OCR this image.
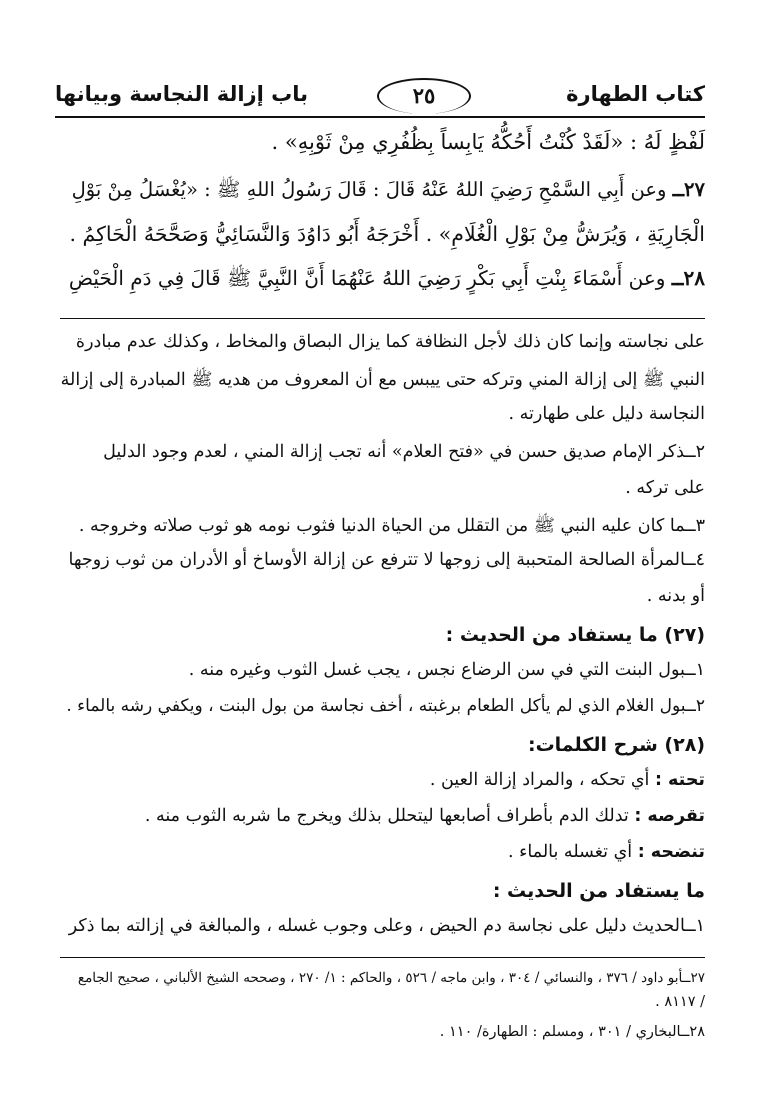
كتاب الطهارة
٢٥
باب إزالة النجاسة وبيانها
لَفْظٍ لَهُ : «لَقَدْ كُنْتُ أَحُكُّهُ يَابِساً بِظُفُرِي مِنْ ثَوْبِهِ» .
٢٧ــ وعن أَبِي السَّمْحِ رَضِيَ اللهُ عَنْهُ قَالَ : قَالَ رَسُولُ اللهِ ﷺ : «يُغْسَلُ مِنْ بَوْلِ
الْجَارِيَةِ ، وَيُرَشُّ مِنْ بَوْلِ الْغُلَامِ» . أَخْرَجَهُ أَبُو دَاوُدَ وَالنَّسَائِيُّ وَصَحَّحَهُ الْحَاكِمُ .
٢٨ــ وعن أَسْمَاءَ بِنْتِ أَبِي بَكْرٍ رَضِيَ اللهُ عَنْهُمَا أَنَّ النَّبِيَّ ﷺ قَالَ فِي دَمِ الْحَيْضِ
على نجاسته وإنما كان ذلك لأجل النظافة كما يزال البصاق والمخاط ، وكذلك عدم مبادرة
النبي ﷺ إلى إزالة المني وتركه حتى ييبس مع أن المعروف من هديه ﷺ المبادرة إلى إزالة
النجاسة دليل على طهارته .
٢ــذكر الإمام صديق حسن في «فتح العلام» أنه تجب إزالة المني ، لعدم وجود الدليل
على تركه .
٣ــما كان عليه النبي ﷺ من التقلل من الحياة الدنيا فثوب نومه هو ثوب صلاته وخروجه .
٤ــالمرأة الصالحة المتحببة إلى زوجها لا تترفع عن إزالة الأوساخ أو الأدران من ثوب زوجها
أو بدنه .
(٢٧) ما يستفاد من الحديث :
١ــبول البنت التي في سن الرضاع نجس ، يجب غسل الثوب وغيره منه .
٢ــبول الغلام الذي لم يأكل الطعام برغبته ، أخف نجاسة من بول البنت ، ويكفي رشه بالماء .
(٢٨) شرح الكلمات:
تحته : أي تحكه ، والمراد إزالة العين .
تقرصه : تدلك الدم بأطراف أصابعها ليتحلل بذلك ويخرج ما شربه الثوب منه .
تنضحه : أي تغسله بالماء .
ما يستفاد من الحديث :
١ــالحديث دليل على نجاسة دم الحيض ، وعلى وجوب غسله ، والمبالغة في إزالته بما ذكر
٢٧ــأبو داود / ٣٧٦ ، والنسائي / ٣٠٤ ، وابن ماجه / ٥٢٦ ، والحاكم : ١/ ٢٧٠ ، وصححه الشيخ الألباني ، صحيح الجامع
/ ٨١١٧ .
٢٨ــالبخاري / ٣٠١ ، ومسلم : الطهارة/ ١١٠ .
